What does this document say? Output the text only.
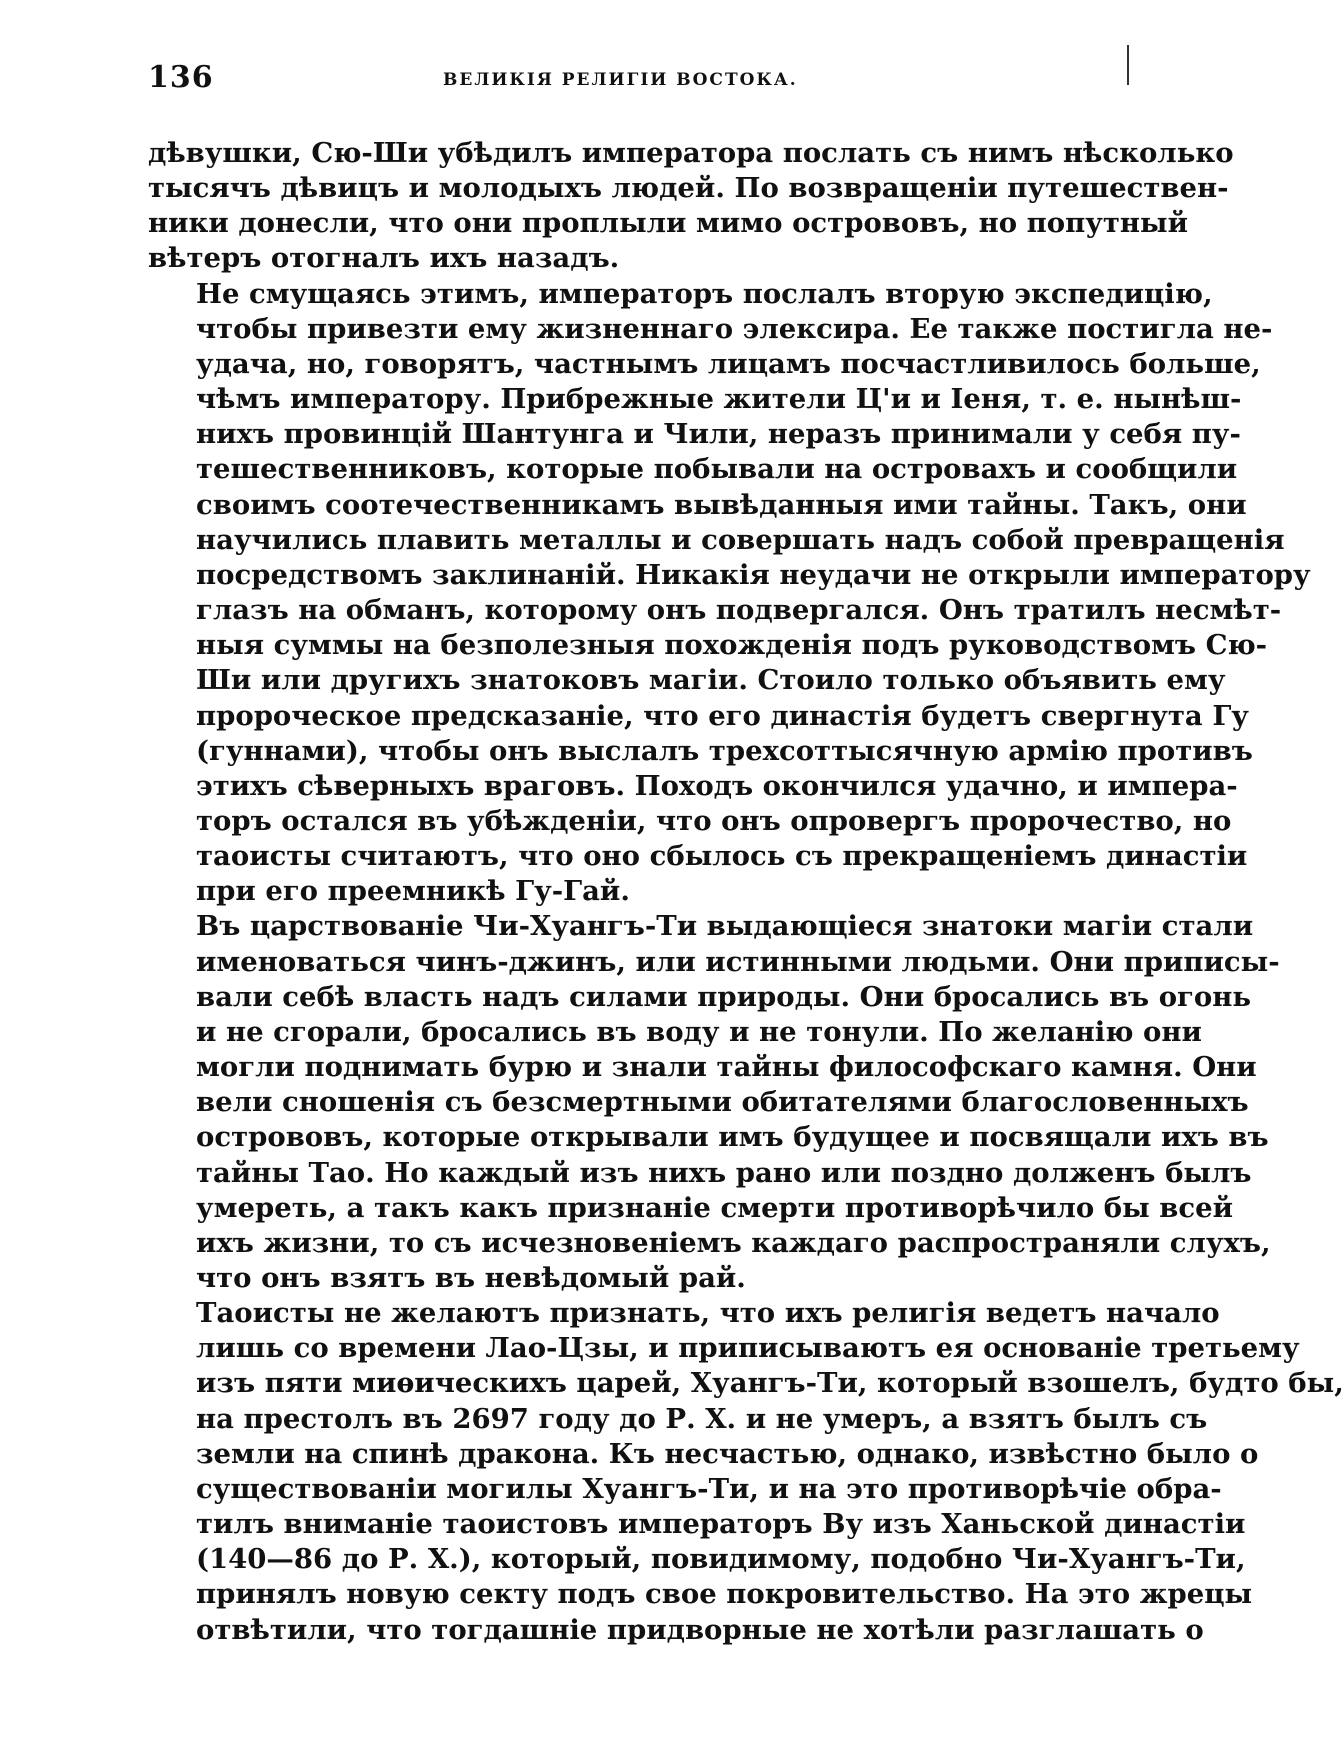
136	ВЕЛИКІЯ РЕЛИГІИ ВОСТОКА.
дѣвушки, Сю-Ши убѣдилъ императора послать съ нимъ нѣсколько
тысячъ дѣвицъ и молодыхъ людей. По возвращеніи путешествен-
ники донесли, что они проплыли мимо острововъ, но попутный
вѣтеръ отогналъ ихъ назадъ.
Не смущаясь этимъ, императоръ послалъ вторую экспедицію,
чтобы привезти ему жизненнаго элексира. Ее также постигла не-
удача, но, говорятъ, частнымъ лицамъ посчастливилось больше,
чѣмъ императору. Прибрежные жители Ц'и и Іеня, т. е. нынѣш-
нихъ провинцій Шантунга и Чили, неразъ принимали у себя пу-
тешественниковъ, которые побывали на островахъ и сообщили
своимъ соотечественникамъ вывѣданныя ими тайны. Такъ, они
научились плавить металлы и совершать надъ собой превращенія
посредствомъ заклинаній. Никакія неудачи не открыли императору
глазъ на обманъ, которому онъ подвергался. Онъ тратилъ несмѣт-
ныя суммы на безполезныя похожденія подъ руководствомъ Сю-
Ши или другихъ знатоковъ магіи. Стоило только объявить ему
пророческое предсказаніе, что его династія будетъ свергнута Гу
(гуннами), чтобы онъ выслалъ трехсоттысячную армію противъ
этихъ сѣверныхъ враговъ. Походъ окончился удачно, и импера-
торъ остался въ убѣжденіи, что онъ опровергъ пророчество, но
таоисты считаютъ, что оно сбылось съ прекращеніемъ династіи
при его преемникѣ Гу-Гай.
Въ царствованіе Чи-Хуангъ-Ти выдающіеся знатоки магіи стали
именоваться чинъ-джинъ, или истинными людьми. Они приписы-
вали себѣ власть надъ силами природы. Они бросались въ огонь
и не сгорали, бросались въ воду и не тонули. По желанію они
могли поднимать бурю и знали тайны философскаго камня. Они
вели сношенія съ безсмертными обитателями благословенныхъ
острововъ, которые открывали имъ будущее и посвящали ихъ въ
тайны Тао. Но каждый изъ нихъ рано или поздно долженъ былъ
умереть, а такъ какъ признаніе смерти противорѣчило бы всей
ихъ жизни, то съ исчезновеніемъ каждаго распространяли слухъ,
что онъ взятъ въ невѣдомый рай.
Таоисты не желаютъ признать, что ихъ религія ведетъ начало
лишь со времени Лао-Цзы, и приписываютъ ея основаніе третьему
изъ пяти миѳическихъ царей, Хуангъ-Ти, который взошелъ, будто бы,
на престолъ въ 2697 году до Р. Х. и не умеръ, а взятъ былъ съ
земли на спинѣ дракона. Къ несчастью, однако, извѣстно было о
существованіи могилы Хуангъ-Ти, и на это противорѣчіе обра-
тилъ вниманіе таоистовъ императоръ Ву изъ Ханьской династіи
(140—86 до Р. Х.), который, повидимому, подобно Чи-Хуангъ-Ти,
принялъ новую секту подъ свое покровительство. На это жрецы
отвѣтили, что тогдашніе придворные не хотѣли разглашать о
